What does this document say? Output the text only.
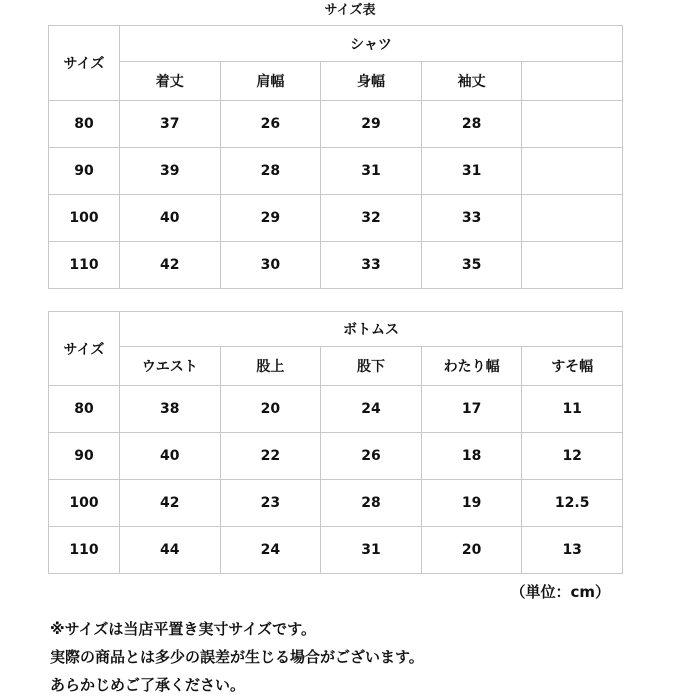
サイズ表
サイズ	シャツ				
	着丈	肩幅	身幅	袖丈	
80	37	26	29	28	
90	39	28	31	31	
100	40	29	32	33	
110	42	30	33	35	
サイズ	ボトムス				
	ウエスト	股上	股下	わたり幅	すそ幅
80	38	20	24	17	11
90	40	22	26	18	12
100	42	23	28	19	12.5
110	44	24	31	20	13
（単位：cm）
※サイズは当店平置き実寸サイズです。
実際の商品とは多少の誤差が生じる場合がございます。
あらかじめご了承ください。
